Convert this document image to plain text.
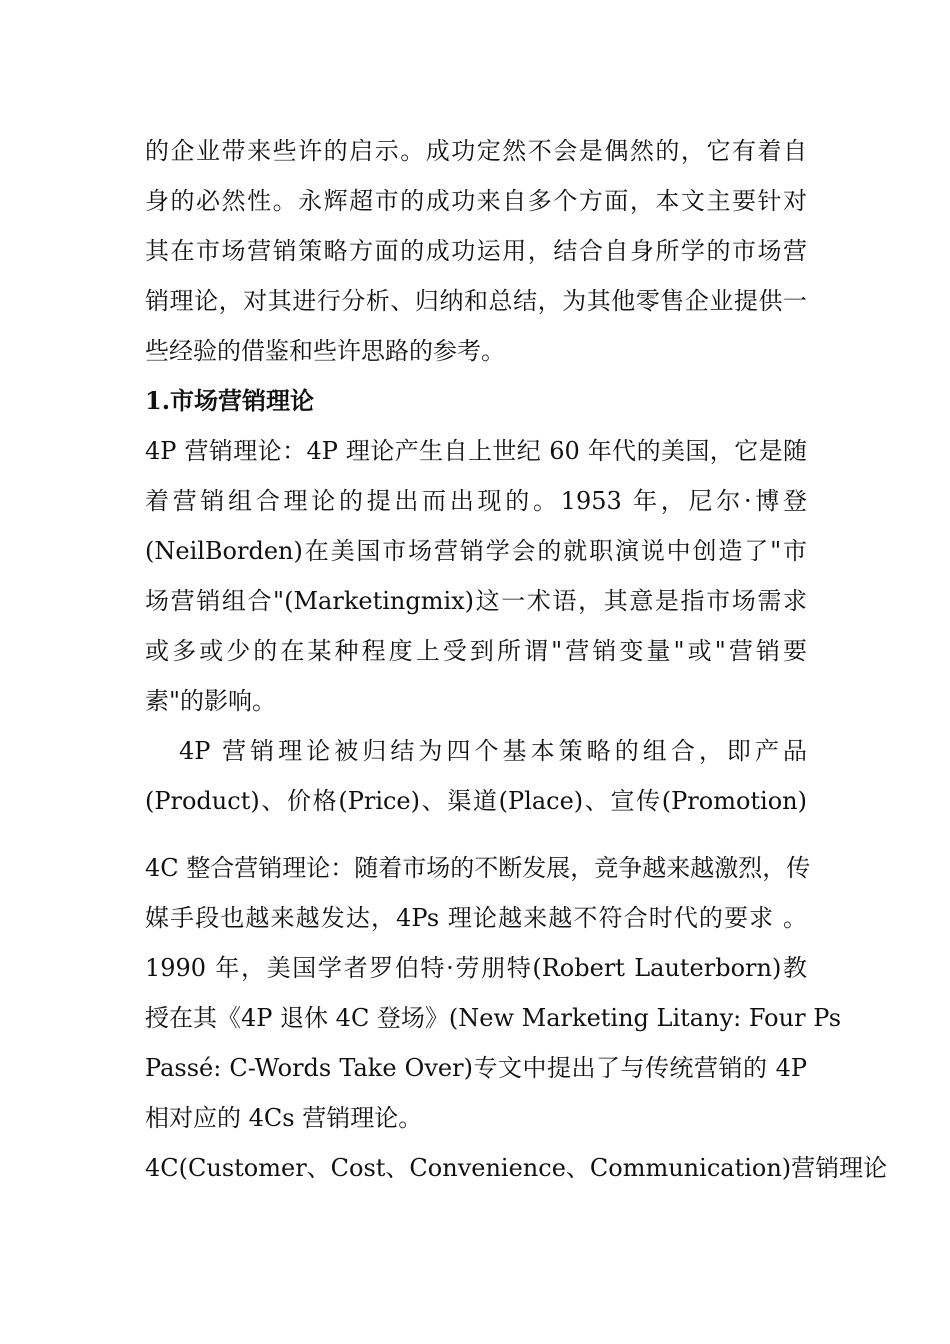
的企业带来些许的启示。成功定然不会是偶然的，它有着自
身的必然性。永辉超市的成功来自多个方面，本文主要针对
其在市场营销策略方面的成功运用，结合自身所学的市场营
销理论，对其进行分析、归纳和总结，为其他零售企业提供一
些经验的借鉴和些许思路的参考。
1.市场营销理论
4P 营销理论：4P 理论产生自上世纪 60 年代的美国，它是随
着营销组合理论的提出而出现的。1953 年，尼尔·博登
(NeilBorden)在美国市场营销学会的就职演说中创造了"市
场营销组合"(Marketingmix)这一术语，其意是指市场需求
或多或少的在某种程度上受到所谓"营销变量"或"营销要
素"的影响。
4P 营销理论被归结为四个基本策略的组合，即产品
(Product)、价格(Price)、渠道(Place)、宣传(Promotion)
4C 整合营销理论：随着市场的不断发展，竞争越来越激烈，传
媒手段也越来越发达，4Ps 理论越来越不符合时代的要求 。
1990 年，美国学者罗伯特·劳朋特(Robert Lauterborn)教
授在其《4P 退休 4C 登场》(New Marketing Litany: Four Ps
Passé: C-Words Take Over)专文中提出了与传统营销的 4P
相对应的 4Cs 营销理论。
4C(Customer、Cost、Convenience、Communication)营销理论
